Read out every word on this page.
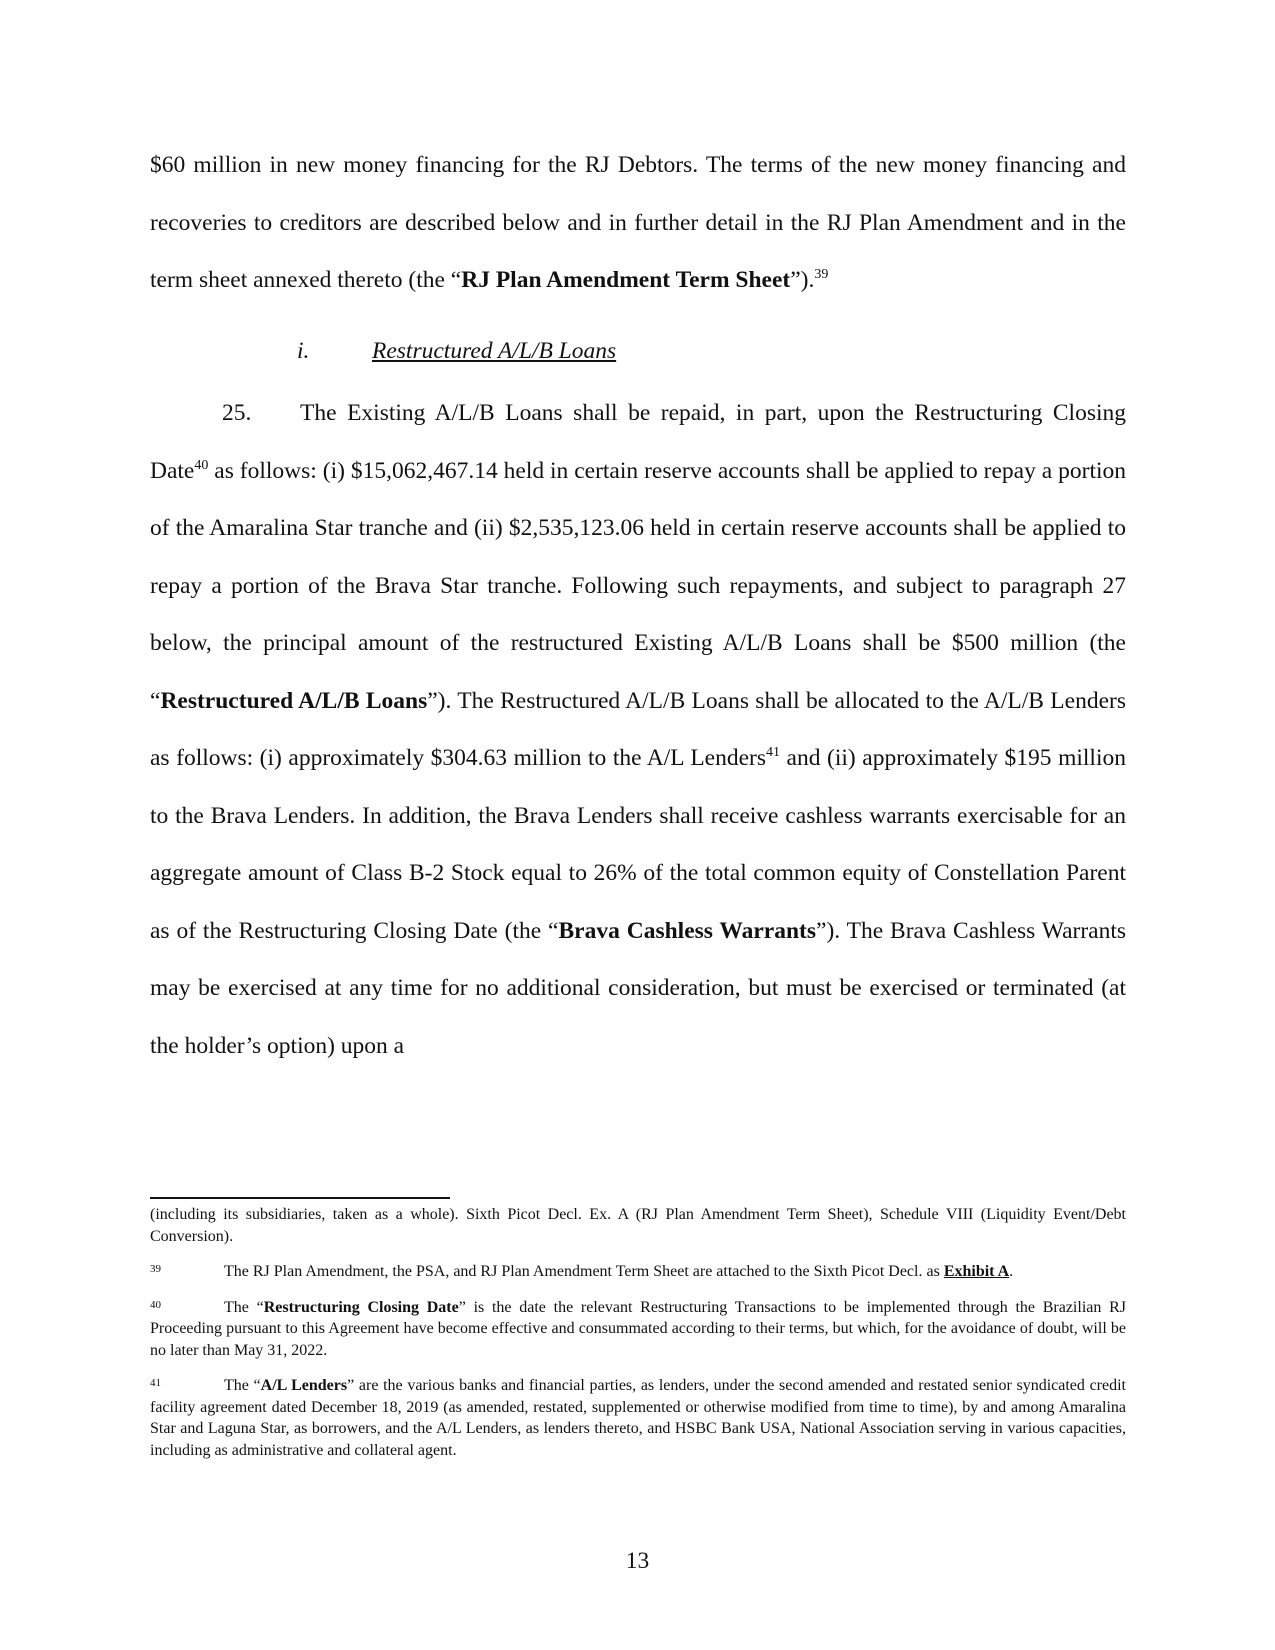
$60 million in new money financing for the RJ Debtors. The terms of the new money financing and recoveries to creditors are described below and in further detail in the RJ Plan Amendment and in the term sheet annexed thereto (the “RJ Plan Amendment Term Sheet”).$^{39}$
i.	Restructured A/L/B Loans
25. The Existing A/L/B Loans shall be repaid, in part, upon the Restructuring Closing Date$^{40}$ as follows: (i) $15,062,467.14 held in certain reserve accounts shall be applied to repay a portion of the Amaralina Star tranche and (ii) $2,535,123.06 held in certain reserve accounts shall be applied to repay a portion of the Brava Star tranche. Following such repayments, and subject to paragraph 27 below, the principal amount of the restructured Existing A/L/B Loans shall be $500 million (the “Restructured A/L/B Loans”). The Restructured A/L/B Loans shall be allocated to the A/L/B Lenders as follows: (i) approximately $304.63 million to the A/L Lenders$^{41}$ and (ii) approximately $195 million to the Brava Lenders. In addition, the Brava Lenders shall receive cashless warrants exercisable for an aggregate amount of Class B-2 Stock equal to 26% of the total common equity of Constellation Parent as of the Restructuring Closing Date (the “Brava Cashless Warrants”). The Brava Cashless Warrants may be exercised at any time for no additional consideration, but must be exercised or terminated (at the holder’s option) upon a

(including its subsidiaries, taken as a whole). Sixth Picot Decl. Ex. A (RJ Plan Amendment Term Sheet), Schedule VIII (Liquidity Event/Debt Conversion).

39	The RJ Plan Amendment, the PSA, and RJ Plan Amendment Term Sheet are attached to the Sixth Picot Decl. as Exhibit A.

40	The “Restructuring Closing Date” is the date the relevant Restructuring Transactions to be implemented through the Brazilian RJ Proceeding pursuant to this Agreement have become effective and consummated according to their terms, but which, for the avoidance of doubt, will be no later than May 31, 2022.

41	The “A/L Lenders” are the various banks and financial parties, as lenders, under the second amended and restated senior syndicated credit facility agreement dated December 18, 2019 (as amended, restated, supplemented or otherwise modified from time to time), by and among Amaralina Star and Laguna Star, as borrowers, and the A/L Lenders, as lenders thereto, and HSBC Bank USA, National Association serving in various capacities, including as administrative and collateral agent.

13
